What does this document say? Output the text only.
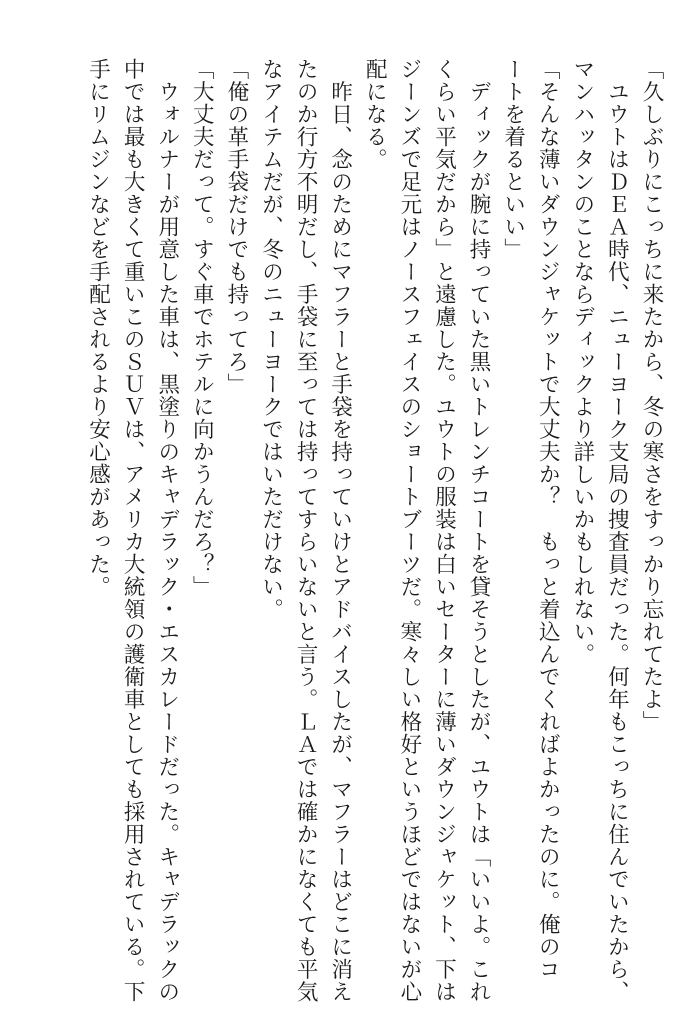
「久しぶりにこっちに来たから、冬の寒さをすっかり忘れてたよ」

　ユウトはＤＥＡ時代、ニューヨーク支局の捜査員だった。何年もこっちに住んでいたから、

マンハッタンのことならディックより詳しいかもしれない。

「そんな薄いダウンジャケットで大丈夫か？　もっと着込んでくればよかったのに。俺のコ

ートを着るといい」

　ディックが腕に持っていた黒いトレンチコートを貸そうとしたが、ユウトは「いいよ。これ

くらい平気だから」と遠慮した。ユウトの服装は白いセーターに薄いダウンジャケット、下は

ジーンズで足元はノースフェイスのショートブーツだ。寒々しい格好というほどではないが心

配になる。

　昨日、念のためにマフラーと手袋を持っていけとアドバイスしたが、マフラーはどこに消え

たのか行方不明だし、手袋に至っては持ってすらいないと言う。ＬＡでは確かになくても平気

なアイテムだが、冬のニューヨークではいただけない。

「俺の革手袋だけでも持ってろ」

「大丈夫だって。すぐ車でホテルに向かうんだろ？」

　ウォルナーが用意した車は、黒塗りのキャデラック・エスカレードだった。キャデラックの

中では最も大きくて重いこのＳＵＶは、アメリカ大統領の護衛車としても採用されている。下

手にリムジンなどを手配されるより安心感があった。
